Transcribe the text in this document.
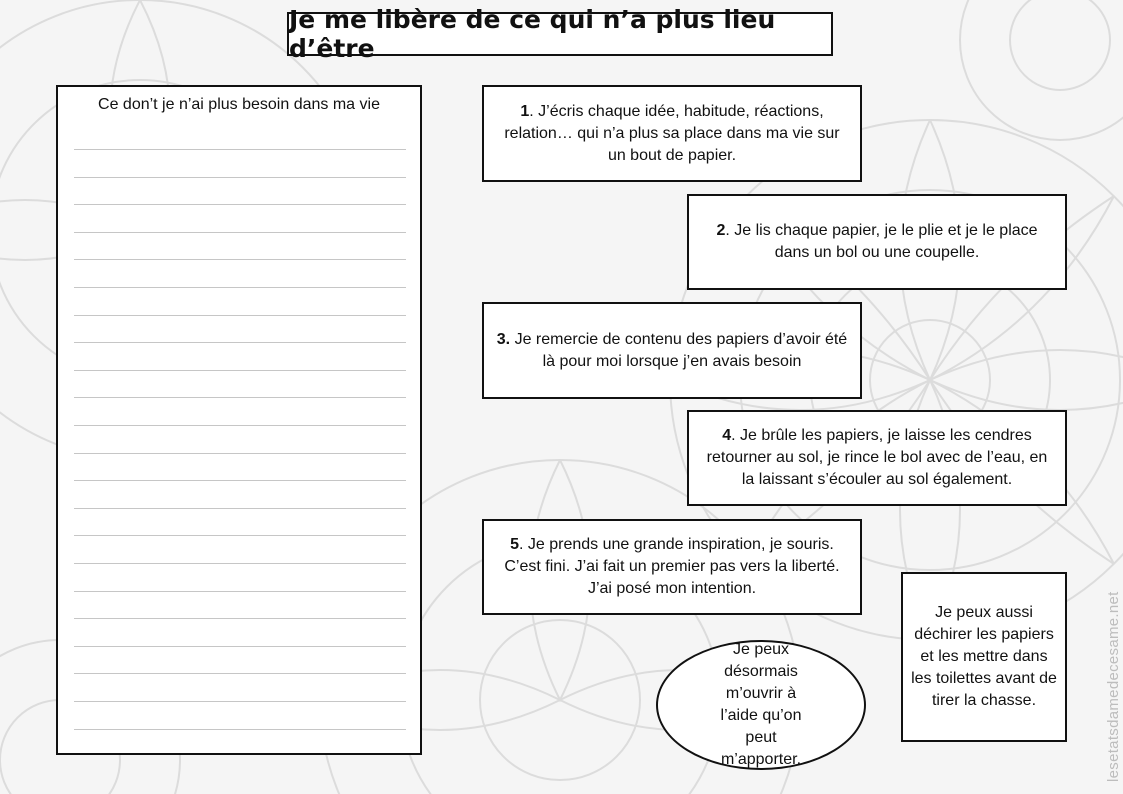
Je me libère de ce qui n’a plus lieu d’être
Ce don’t je n’ai plus besoin dans ma vie	1. J’écris chaque idée, habitude, réactions, relation… qui n’a plus sa place dans ma vie sur un bout de papier.
2. Je lis chaque papier, je le plie et je le place dans un bol ou une coupelle.
3. Je remercie de contenu des papiers d’avoir été là pour moi lorsque j’en avais besoin
4. Je brûle les papiers, je laisse les cendres retourner au sol, je rince le bol avec de l’eau, en la laissant s’écouler au sol également.
5. Je prends une grande inspiration, je souris. C’est fini. J’ai fait un premier pas vers la liberté. J’ai posé mon intention.
Je peux aussi déchirer les papiers et les mettre dans les toilettes avant de tirer la chasse.
Je peux désormais m’ouvrir à l’aide qu’on peut m’apporter.	lesetatsdamedecesame.net
